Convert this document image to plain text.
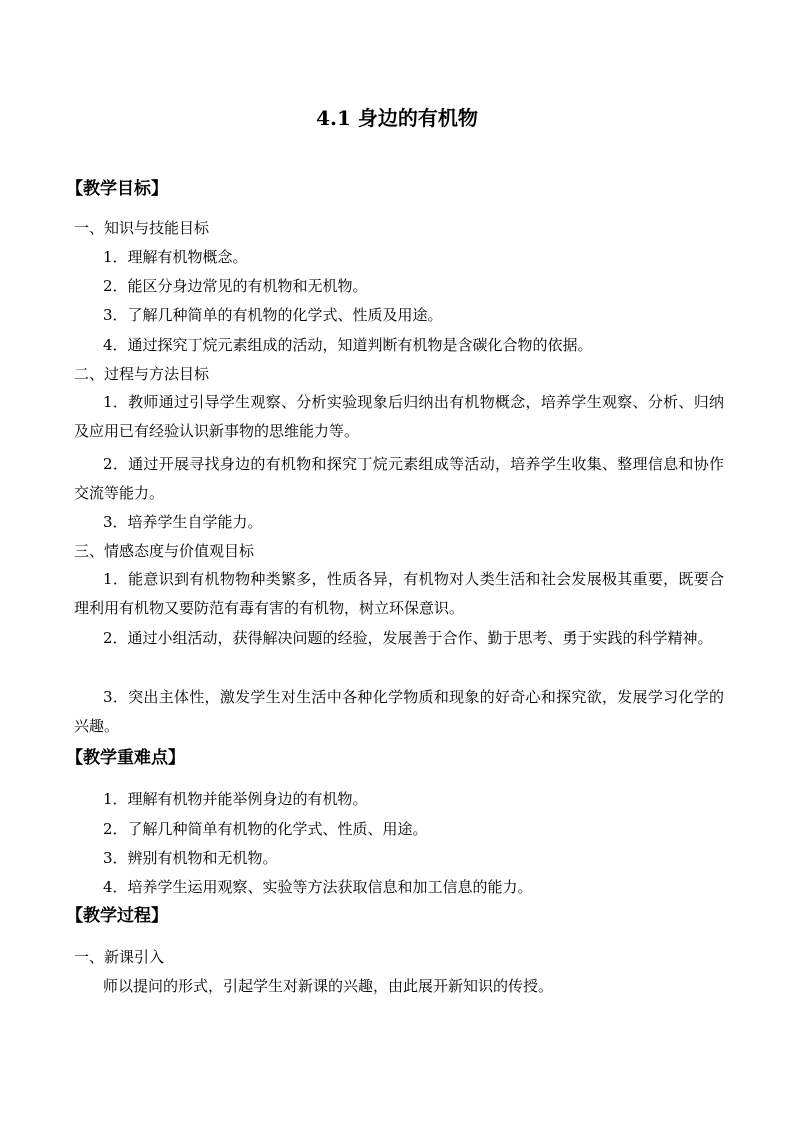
4.1 身边的有机物
【教学目标】
一、知识与技能目标
1．理解有机物概念。
2．能区分身边常见的有机物和无机物。
3．了解几种简单的有机物的化学式、性质及用途。
4．通过探究丁烷元素组成的活动，知道判断有机物是含碳化合物的依据。
二、过程与方法目标
1．教师通过引导学生观察、分析实验现象后归纳出有机物概念，培养学生观察、分析、归纳及应用已有经验认识新事物的思维能力等。
2．通过开展寻找身边的有机物和探究丁烷元素组成等活动，培养学生收集、整理信息和协作交流等能力。
3．培养学生自学能力。
三、情感态度与价值观目标
1．能意识到有机物物种类繁多，性质各异，有机物对人类生活和社会发展极其重要，既要合理利用有机物又要防范有毒有害的有机物，树立环保意识。
2．通过小组活动，获得解决问题的经验，发展善于合作、勤于思考、勇于实践的科学精神。
3．突出主体性，激发学生对生活中各种化学物质和现象的好奇心和探究欲，发展学习化学的兴趣。
【教学重难点】
1．理解有机物并能举例身边的有机物。
2．了解几种简单有机物的化学式、性质、用途。
3．辨别有机物和无机物。
4．培养学生运用观察、实验等方法获取信息和加工信息的能力。
【教学过程】
一、新课引入
师以提问的形式，引起学生对新课的兴趣，由此展开新知识的传授。
